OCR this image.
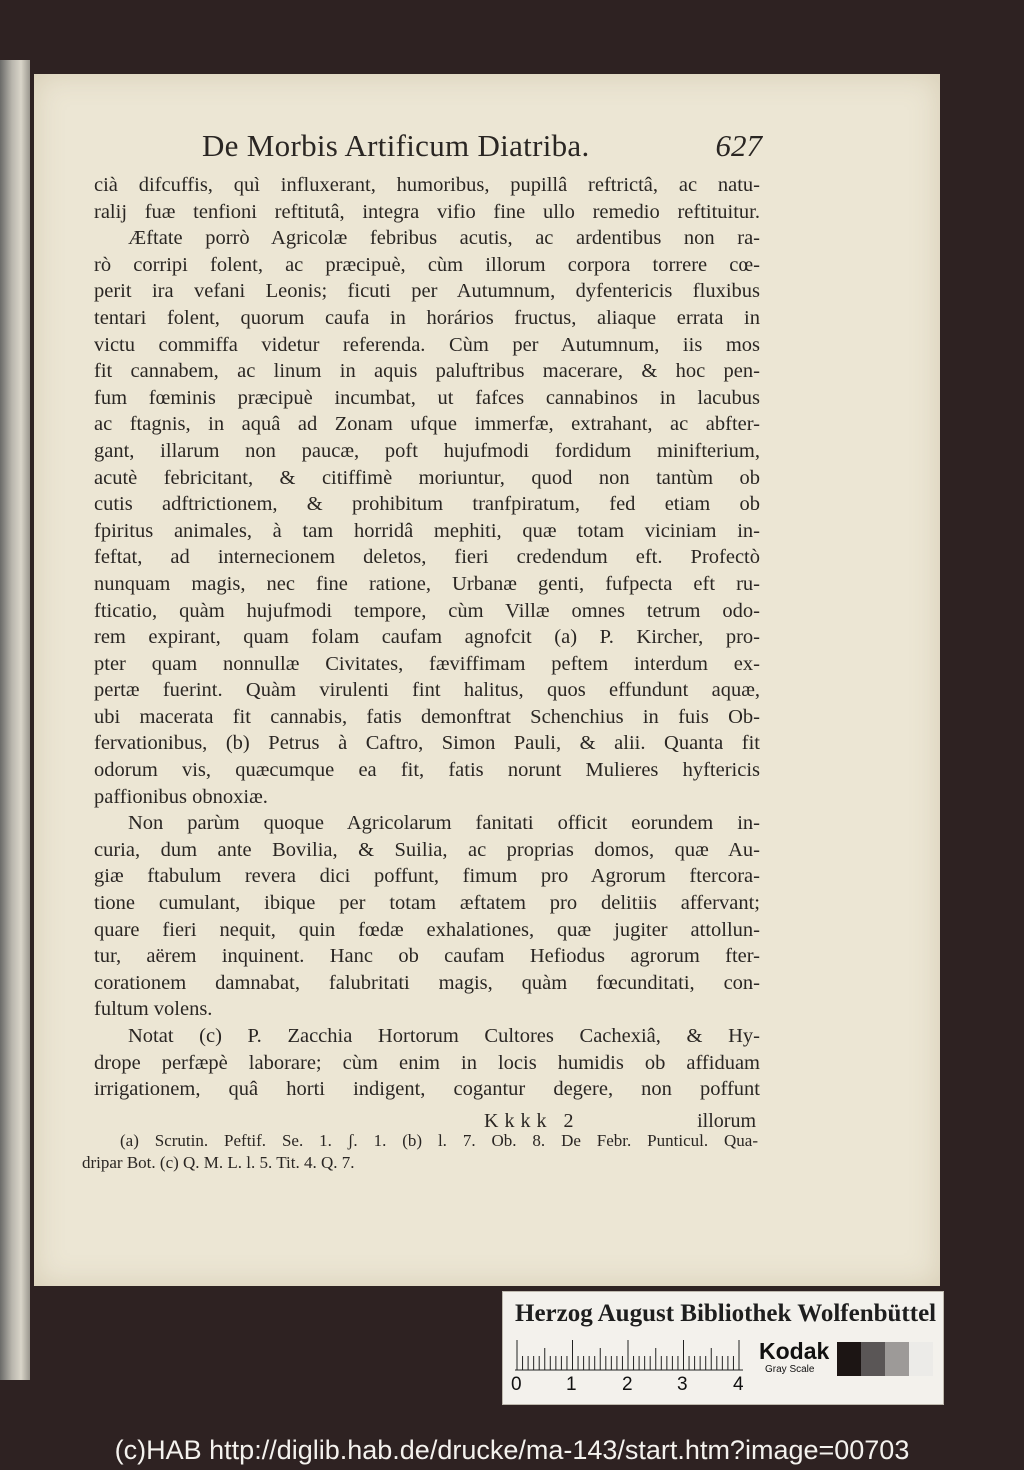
De Morbis Artificum Diatriba.	627
cià difcuffis, quì influxerant, humoribus, pupillâ reftrictâ, ac natu-
ralij fuæ tenfioni reftitutâ, integra vifio fine ullo remedio reftituitur.
Æftate porrò Agricolæ febribus acutis, ac ardentibus non ra-
rò corripi folent, ac præcipuè, cùm illorum corpora torrere cœ-
perit ira vefani Leonis; ficuti per Autumnum, dyfentericis fluxibus
tentari folent, quorum caufa in horários fructus, aliaque errata in
victu commiffa videtur referenda. Cùm per Autumnum, iis mos
fit cannabem, ac linum in aquis paluftribus macerare, & hoc pen-
fum fœminis præcipuè incumbat, ut fafces cannabinos in lacubus
ac ftagnis, in aquâ ad Zonam ufque immerfæ, extrahant, ac abfter-
gant, illarum non paucæ, poft hujufmodi fordidum minifterium,
acutè febricitant, & citiffimè moriuntur, quod non tantùm ob
cutis adftrictionem, & prohibitum tranfpiratum, fed etiam ob
fpiritus animales, à tam horridâ mephiti, quæ totam viciniam in-
feftat, ad internecionem deletos, fieri credendum eft. Profectò
nunquam magis, nec fine ratione, Urbanæ genti, fufpecta eft ru-
fticatio, quàm hujufmodi tempore, cùm Villæ omnes tetrum odo-
rem expirant, quam folam caufam agnofcit (a) P. Kircher, pro-
pter quam nonnullæ Civitates, fæviffimam peftem interdum ex-
pertæ fuerint. Quàm virulenti fint halitus, quos effundunt aquæ,
ubi macerata fit cannabis, fatis demonftrat Schenchius in fuis Ob-
fervationibus, (b) Petrus à Caftro, Simon Pauli, & alii. Quanta fit
odorum vis, quæcumque ea fit, fatis norunt Mulieres hyftericis
paffionibus obnoxiæ.
Non parùm quoque Agricolarum fanitati officit eorundem in-
curia, dum ante Bovilia, & Suilia, ac proprias domos, quæ Au-
giæ ftabulum revera dici poffunt, fimum pro Agrorum ftercora-
tione cumulant, ibique per totam æftatem pro delitiis affervant;
quare fieri nequit, quin fœdæ exhalationes, quæ jugiter attollun-
tur, aërem inquinent. Hanc ob caufam Hefiodus agrorum fter-
corationem damnabat, falubritati magis, quàm fœcunditati, con-
fultum volens.
Notat (c) P. Zacchia Hortorum Cultores Cachexiâ, & Hy-
drope perfæpè laborare; cùm enim in locis humidis ob affiduam
irrigationem, quâ horti indigent, cogantur degere, non poffunt
Kkkk 2	illorum
(a) Scrutin. Peftif. Se. 1. ʃ. 1. (b) l. 7. Ob. 8. De Febr. Punticul. Qua-
dripar Bot. (c) Q. M. L. l. 5. Tit. 4. Q. 7.
Herzog August Bibliothek Wolfenbüttel
0 1 2 3 4
Kodak
Gray Scale
(c)HAB http://diglib.hab.de/drucke/ma-143/start.htm?image=00703
